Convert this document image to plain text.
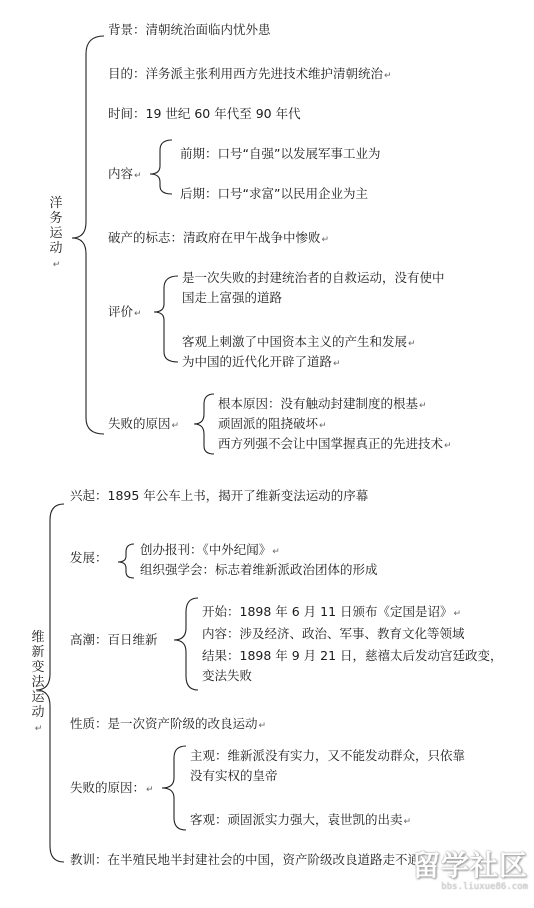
洋务运动↵
背景：清朝统治面临内忧外患
目的：洋务派主张利用西方先进技术维护清朝统治↵
时间：19 世纪 60 年代至 90 年代
内容↵
前期：口号“自强”以发展军事工业为
后期：口号“求富”以民用企业为主
破产的标志：清政府在甲午战争中惨败↵
评价↵
是一次失败的封建统治者的自救运动，没有使中
国走上富强的道路
客观上刺激了中国资本主义的产生和发展↵
为中国的近代化开辟了道路↵
失败的原因↵
根本原因：没有触动封建制度的根基↵
顽固派的阻挠破坏↵
西方列强不会让中国掌握真正的先进技术↵
维新变法运动↵
兴起：1895 年公车上书，揭开了维新变法运动的序幕
发展：
创办报刊：《中外纪闻》↵
组织强学会：标志着维新派政治团体的形成
高潮：百日维新
开始：1898 年 6 月 11 日颁布《定国是诏》↵
内容：涉及经济、政治、军事、教育文化等领域
结果：1898 年 9 月 21 日，慈禧太后发动宫廷政变，
变法失败
性质：是一次资产阶级的改良运动↵
失败的原因：↵
主观：维新派没有实力，又不能发动群众，只依靠
没有实权的皇帝
客观：顽固派实力强大，袁世凯的出卖↵
教训：在半殖民地半封建社会的中国，资产阶级改良道路走不通
留学社区
bbs.liuxue86.com
